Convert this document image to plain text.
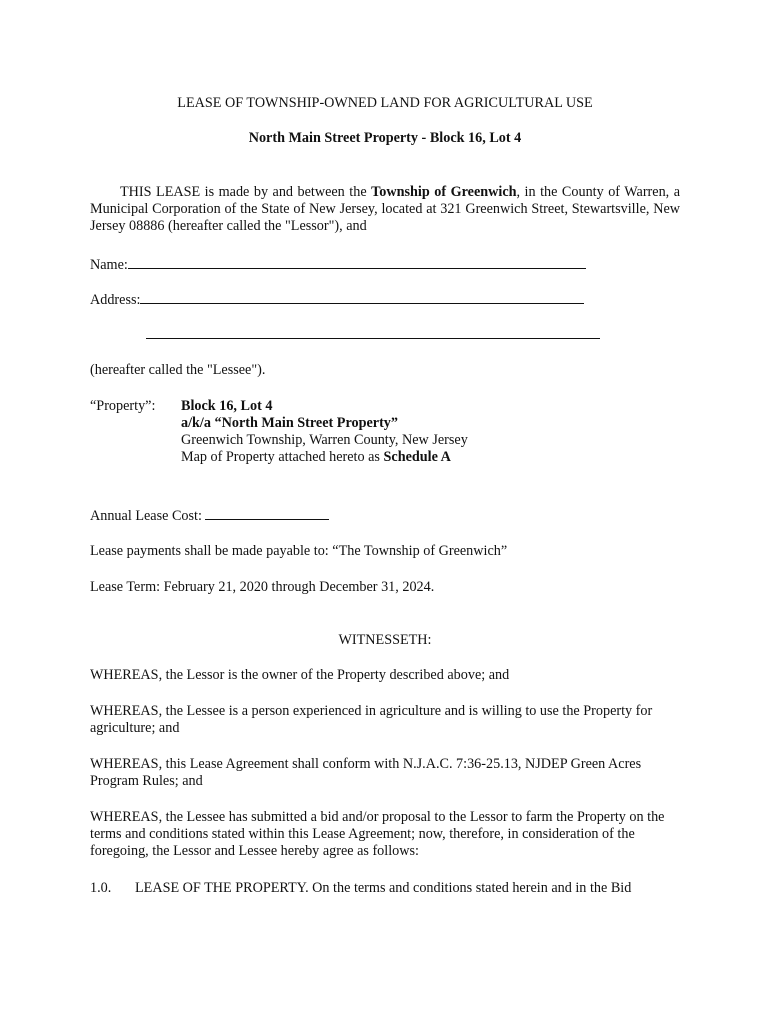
LEASE OF TOWNSHIP-OWNED LAND FOR AGRICULTURAL USE

North Main Street Property - Block 16, Lot 4

THIS LEASE is made by and between the Township of Greenwich, in the County of Warren, a Municipal Corporation of the State of New Jersey, located at 321 Greenwich Street, Stewartsville, New Jersey 08886 (hereafter called the "Lessor"), and

Name:

Address:

(hereafter called the "Lessee").

“Property”: Block 16, Lot 4
a/k/a “North Main Street Property”
Greenwich Township, Warren County, New Jersey
Map of Property attached hereto as Schedule A

Annual Lease Cost:

Lease payments shall be made payable to: “The Township of Greenwich”

Lease Term: February 21, 2020 through December 31, 2024.

WITNESSETH:

WHEREAS, the Lessor is the owner of the Property described above; and

WHEREAS, the Lessee is a person experienced in agriculture and is willing to use the Property for agriculture; and

WHEREAS, this Lease Agreement shall conform with N.J.A.C. 7:36-25.13, NJDEP Green Acres Program Rules; and

WHEREAS, the Lessee has submitted a bid and/or proposal to the Lessor to farm the Property on the terms and conditions stated within this Lease Agreement; now, therefore, in consideration of the foregoing, the Lessor and Lessee hereby agree as follows:

1.0. LEASE OF THE PROPERTY. On the terms and conditions stated herein and in the Bid
